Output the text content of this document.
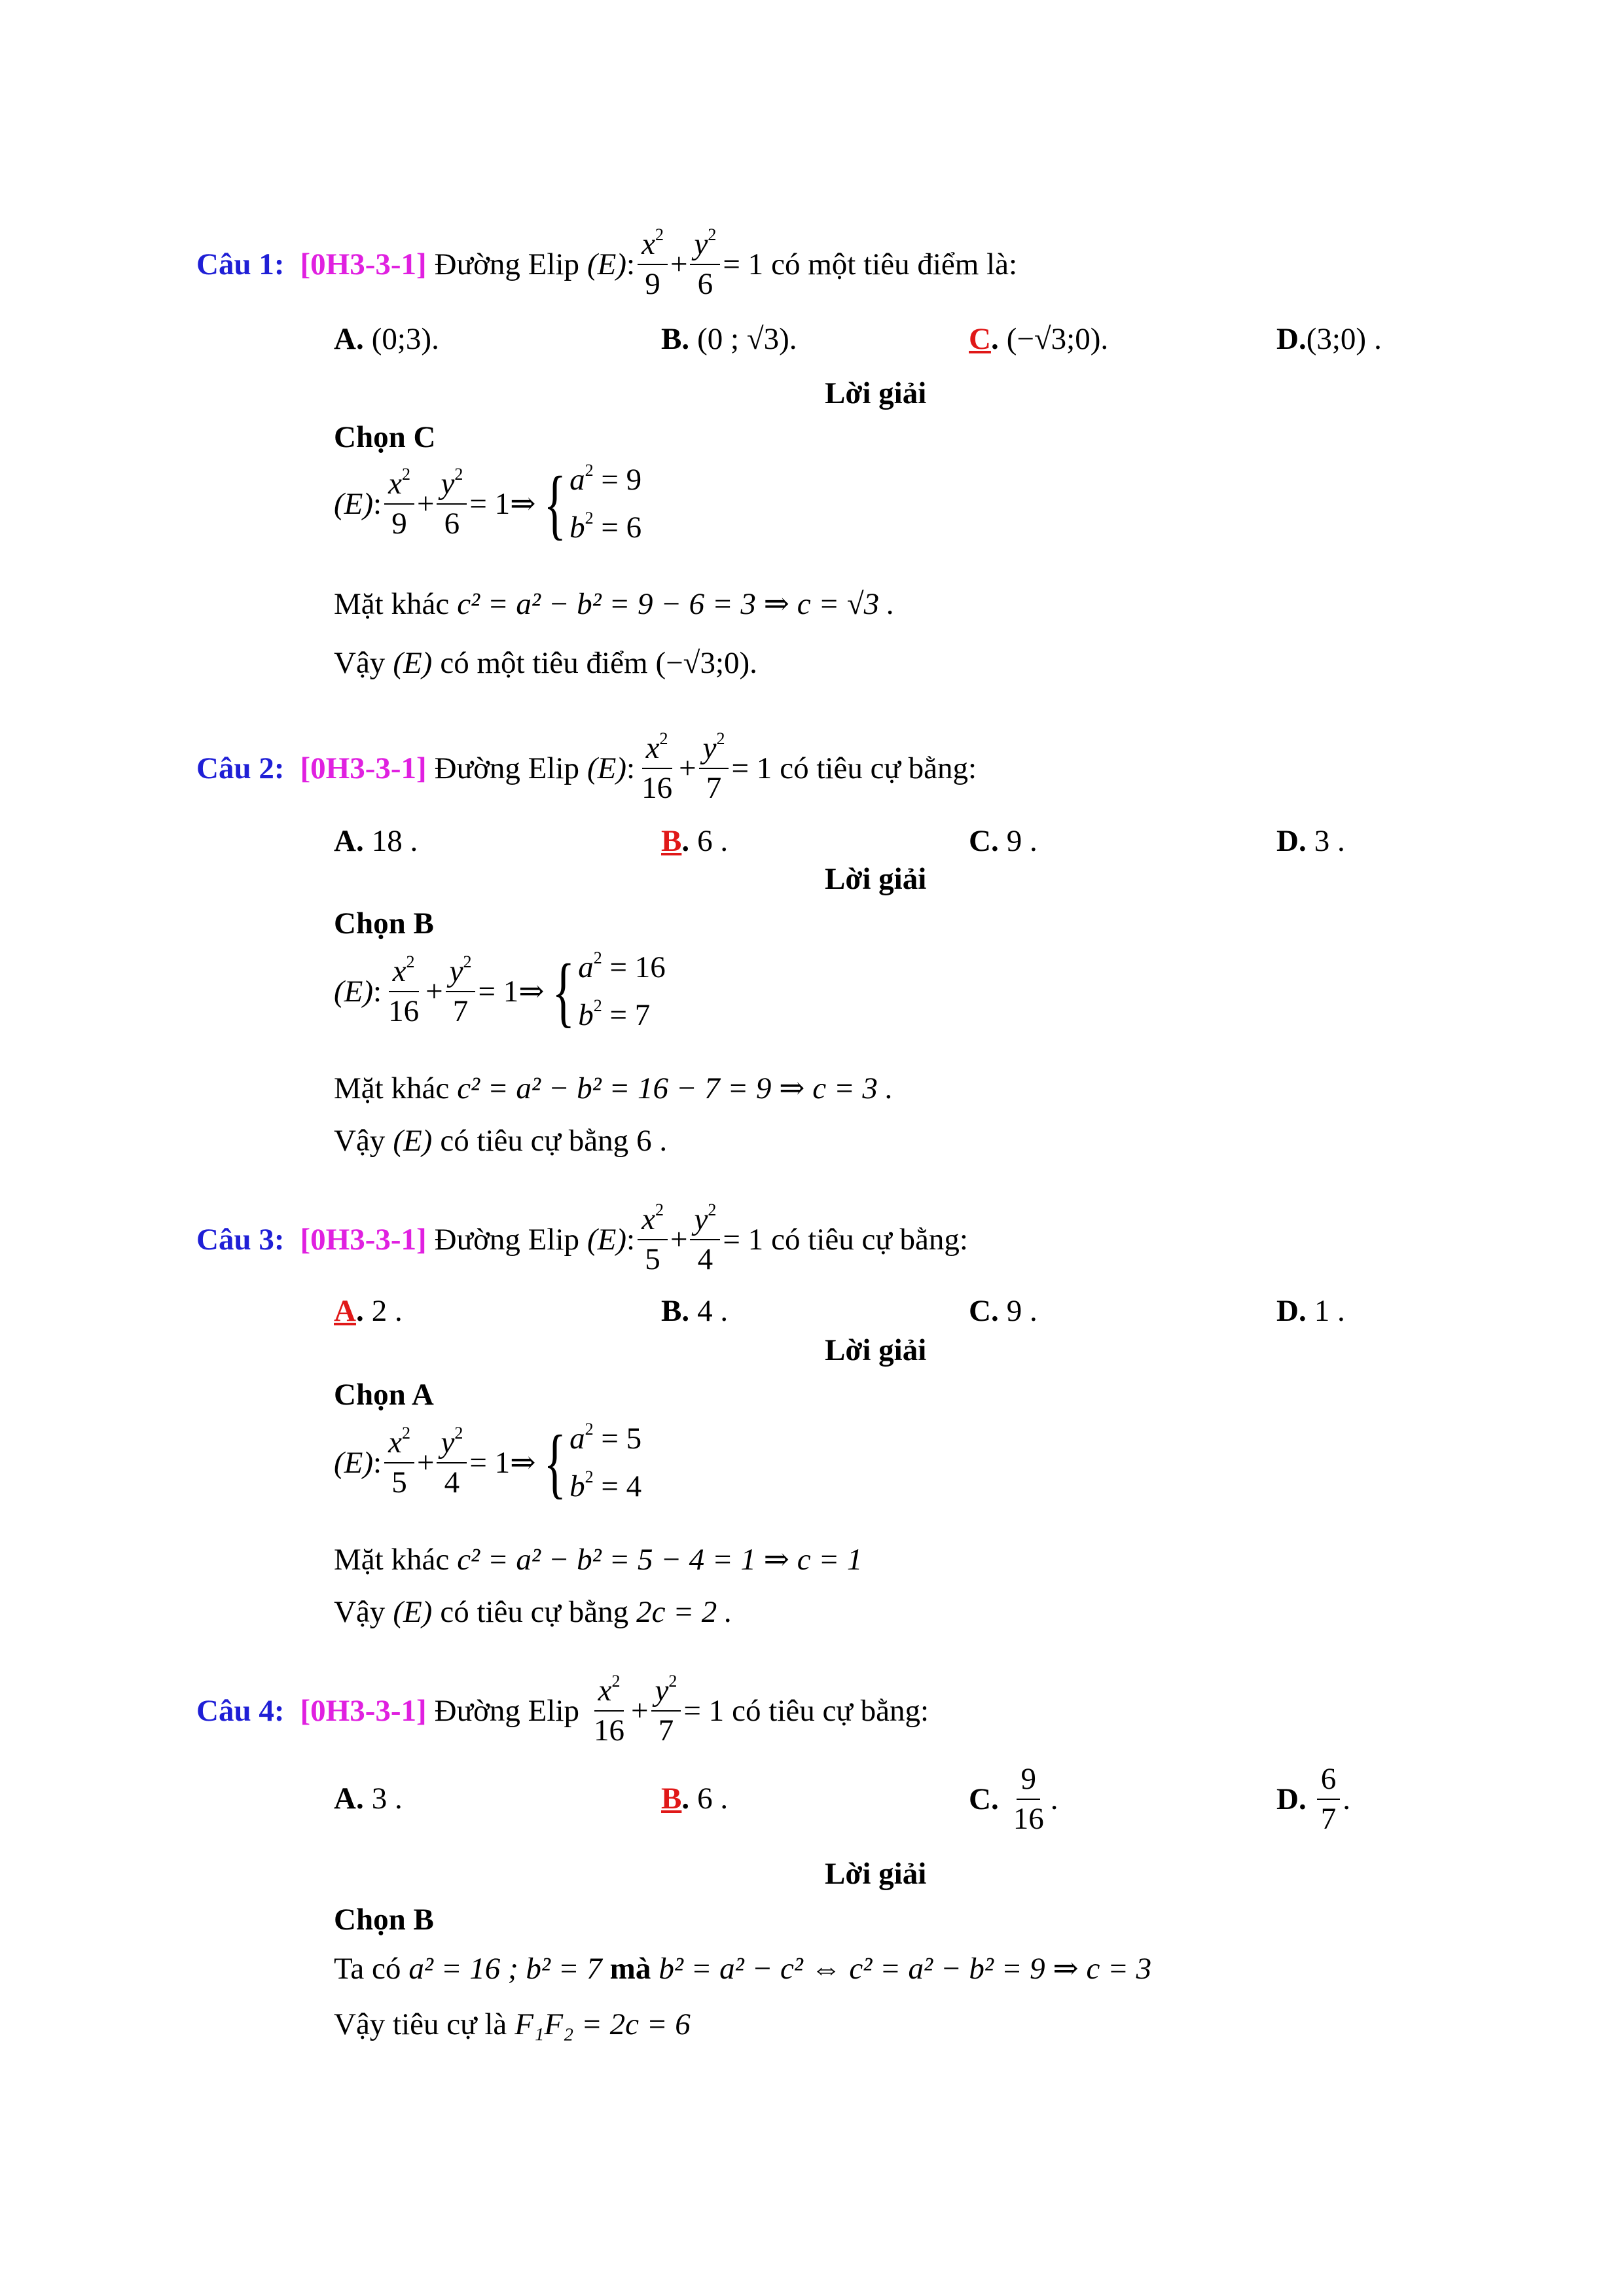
Câu 1: [0H3-3-1] Đường Elip (E) : $\frac{x^2}{9} + \frac{y^2}{6} = 1$ có một tiêu điểm là:
A. (0;3) .	B. (0 ; √3) .	C . (−√3;0) .	D. (3;0) .
Lời giải
Chọn C
(E) : $\frac{x^2}{9} + \frac{y^2}{6} = 1$ ⇒ { $a^2 = 9$
$b^2 = 6$
Mặt khác c² = a² − b² = 9 − 6 = 3 ⇒ c = √3 .
Vậy (E) có một tiêu điểm (−√3;0).
Câu 2: [0H3-3-1] Đường Elip (E) : $\frac{x^2}{16} + \frac{y^2}{7} = 1$ có tiêu cự bằng:
A. 18 .	B . 6 .	C. 9 .	D. 3 .
Lời giải
Chọn B
(E) : $\frac{x^2}{16} + \frac{y^2}{7} = 1$ ⇒ { $a^2 = 16$
$b^2 = 7$
Mặt khác c² = a² − b² = 16 − 7 = 9 ⇒ c = 3 .
Vậy (E) có tiêu cự bằng 6 .
Câu 3: [0H3-3-1] Đường Elip (E) : $\frac{x^2}{5} + \frac{y^2}{4} = 1$ có tiêu cự bằng:
A . 2 .	B. 4 .	C. 9 .	D. 1 .
Lời giải
Chọn A
(E) : $\frac{x^2}{5} + \frac{y^2}{4} = 1$ ⇒ { $a^2 = 5$
$b^2 = 4$
Mặt khác c² = a² − b² = 5 − 4 = 1 ⇒ c = 1
Vậy (E) có tiêu cự bằng 2c = 2 .
Câu 4: [0H3-3-1] Đường Elip $\frac{x^2}{16} + \frac{y^2}{7} = 1$ có tiêu cự bằng:
A. 3 .	B . 6 .	C. $\frac{9}{16}$ .	D. $\frac{6}{7}$ .
Lời giải
Chọn B
Ta có a² = 16 ; b² = 7 mà b² = a² − c² ⇔ c² = a² − b² = 9 ⇒ c = 3
Vậy tiêu cự là F₁F₂ = 2c = 6
